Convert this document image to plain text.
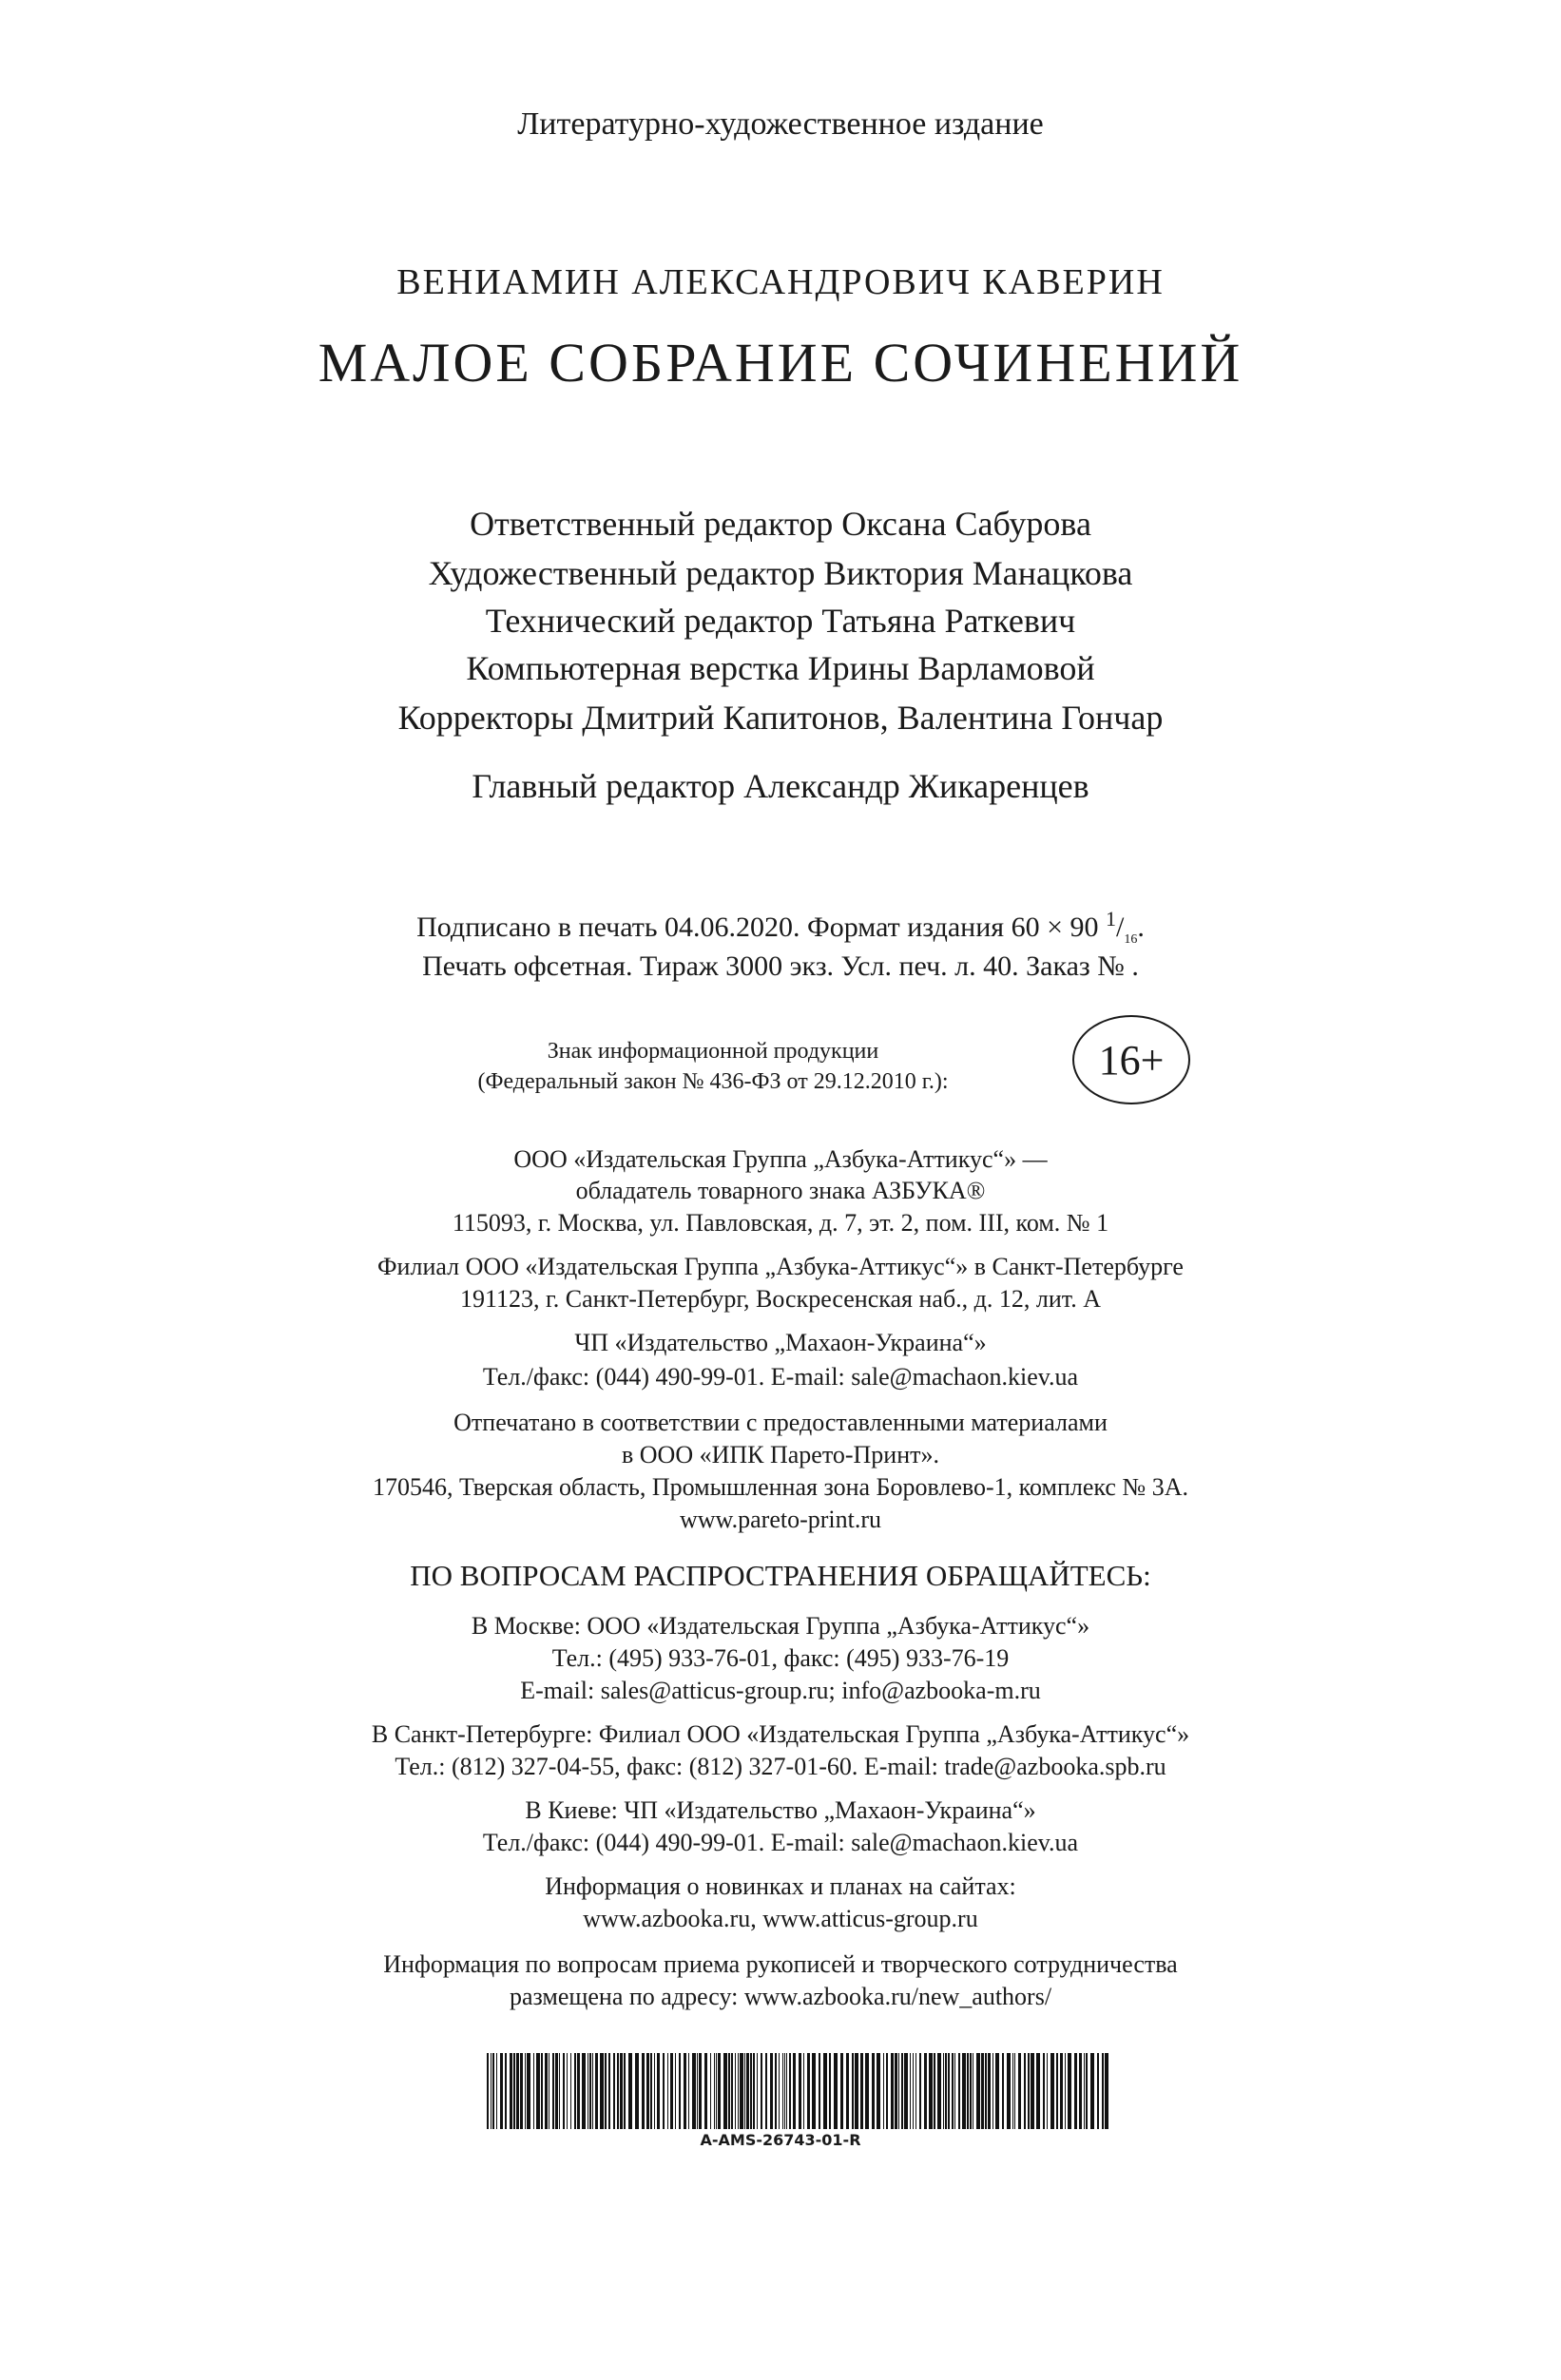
Литературно-художественное издание
ВЕНИАМИН АЛЕКСАНДРОВИЧ КАВЕРИН
МАЛОЕ СОБРАНИЕ СОЧИНЕНИЙ
Ответственный редактор Оксана Сабурова
Художественный редактор Виктория Манацкова
Технический редактор Татьяна Раткевич
Компьютерная верстка Ирины Варламовой
Корректоры Дмитрий Капитонов, Валентина Гончар
Главный редактор Александр Жикаренцев
Подписано в печать 04.06.2020. Формат издания 60 × 90 $^1/_{16}$.
Печать офсетная. Тираж 3000 экз. Усл. печ. л. 40. Заказ № .
Знак информационной продукции
(Федеральный закон № 436-ФЗ от 29.12.2010 г.):	16+
ООО «Издательская Группа „Азбука-Аттикус“» —
обладатель товарного знака АЗБУКА®
115093, г. Москва, ул. Павловская, д. 7, эт. 2, пом. III, ком. № 1
Филиал ООО «Издательская Группа „Азбука-Аттикус“» в Санкт-Петербурге
191123, г. Санкт-Петербург, Воскресенская наб., д. 12, лит. А
ЧП «Издательство „Махаон-Украина“»
Тел./факс: (044) 490-99-01. E-mail: sale@machaon.kiev.ua
Отпечатано в соответствии с предоставленными материалами
в ООО «ИПК Парето-Принт».
170546, Тверская область, Промышленная зона Боровлево-1, комплекс № 3А.
www.pareto-print.ru
ПО ВОПРОСАМ РАСПРОСТРАНЕНИЯ ОБРАЩАЙТЕСЬ:
В Москве: ООО «Издательская Группа „Азбука-Аттикус“»
Тел.: (495) 933-76-01, факс: (495) 933-76-19
E-mail: sales@atticus-group.ru; info@azbooka-m.ru
В Санкт-Петербурге: Филиал ООО «Издательская Группа „Азбука-Аттикус“»
Тел.: (812) 327-04-55, факс: (812) 327-01-60. E-mail: trade@azbooka.spb.ru
В Киеве: ЧП «Издательство „Махаон-Украина“»
Тел./факс: (044) 490-99-01. E-mail: sale@machaon.kiev.ua
Информация о новинках и планах на сайтах:
www.azbooka.ru, www.atticus-group.ru
Информация по вопросам приема рукописей и творческого сотрудничества
размещена по адресу: www.azbooka.ru/new_authors/
A-AMS-26743-01-R
